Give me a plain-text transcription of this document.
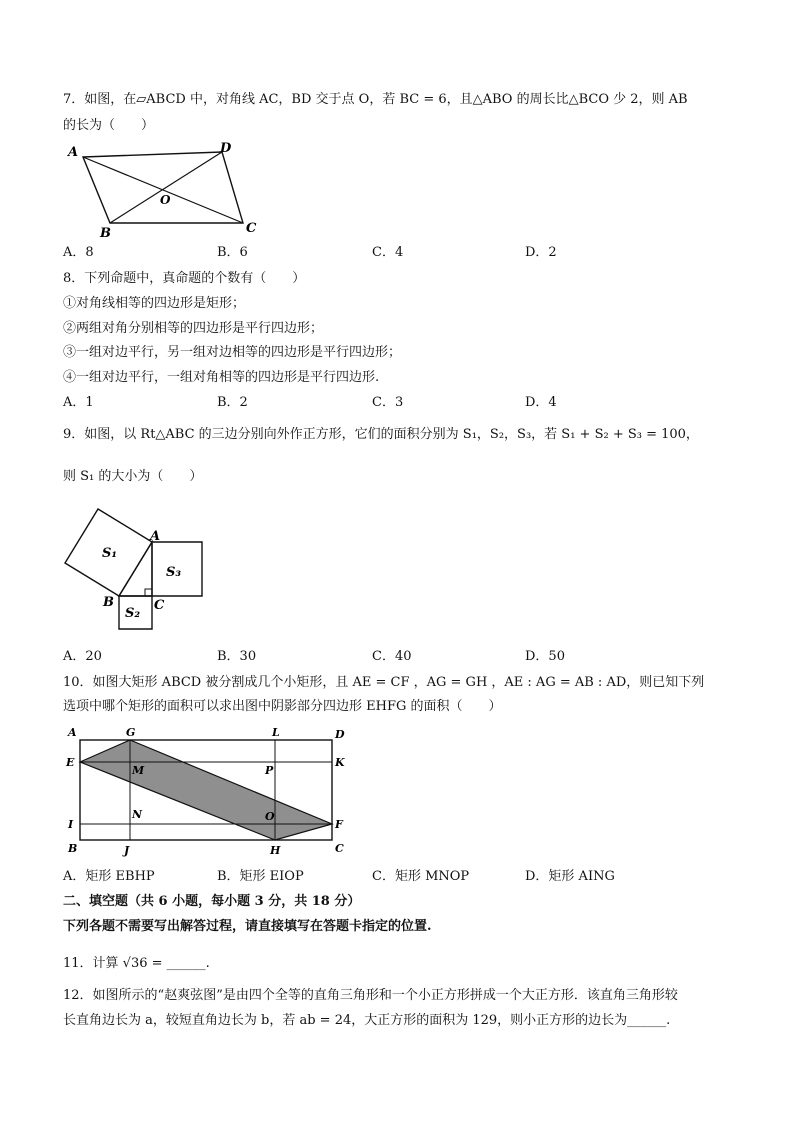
7．如图，在▱ABCD 中，对角线 AC，BD 交于点 O，若 BC = 6，且△ABO 的周长比△BCO 少 2，则 AB
的长为（　　）
A	D
O
B	C
A．8	B．6	C．4	D．2
8．下列命题中，真命题的个数有（　　）
①对角线相等的四边形是矩形；
②两组对角分别相等的四边形是平行四边形；
③一组对边平行，另一组对边相等的四边形是平行四边形；
④一组对边平行，一组对角相等的四边形是平行四边形.
A．1	B．2	C．3	D．4
9．如图，以 Rt△ABC 的三边分别向外作正方形，它们的面积分别为 S₁，S₂，S₃，若 S₁ + S₂ + S₃ = 100，
则 S₁ 的大小为（　　）
S₁
S₃
S₂
A
B	C
A．20	B．30	C．40	D．50
10．如图大矩形 ABCD 被分割成几个小矩形，且 AE = CF ，AG = GH ，AE : AG = AB : AD，则已知下列
选项中哪个矩形的面积可以求出图中阴影部分四边形 EHFG 的面积（　　）
A	G	L	D
E
M	P
K
I
N	O
F
B	J	H	C
A．矩形 EBHP	B．矩形 EIOP	C．矩形 MNOP	D．矩形 AING
二、填空题（共 6 小题，每小题 3 分，共 18 分）
下列各题不需要写出解答过程，请直接填写在答题卡指定的位置.
11．计算 √36 = ______.
12．如图所示的“赵爽弦图”是由四个全等的直角三角形和一个小正方形拼成一个大正方形．该直角三角形较
长直角边长为 a，较短直角边长为 b，若 ab = 24，大正方形的面积为 129，则小正方形的边长为______.
